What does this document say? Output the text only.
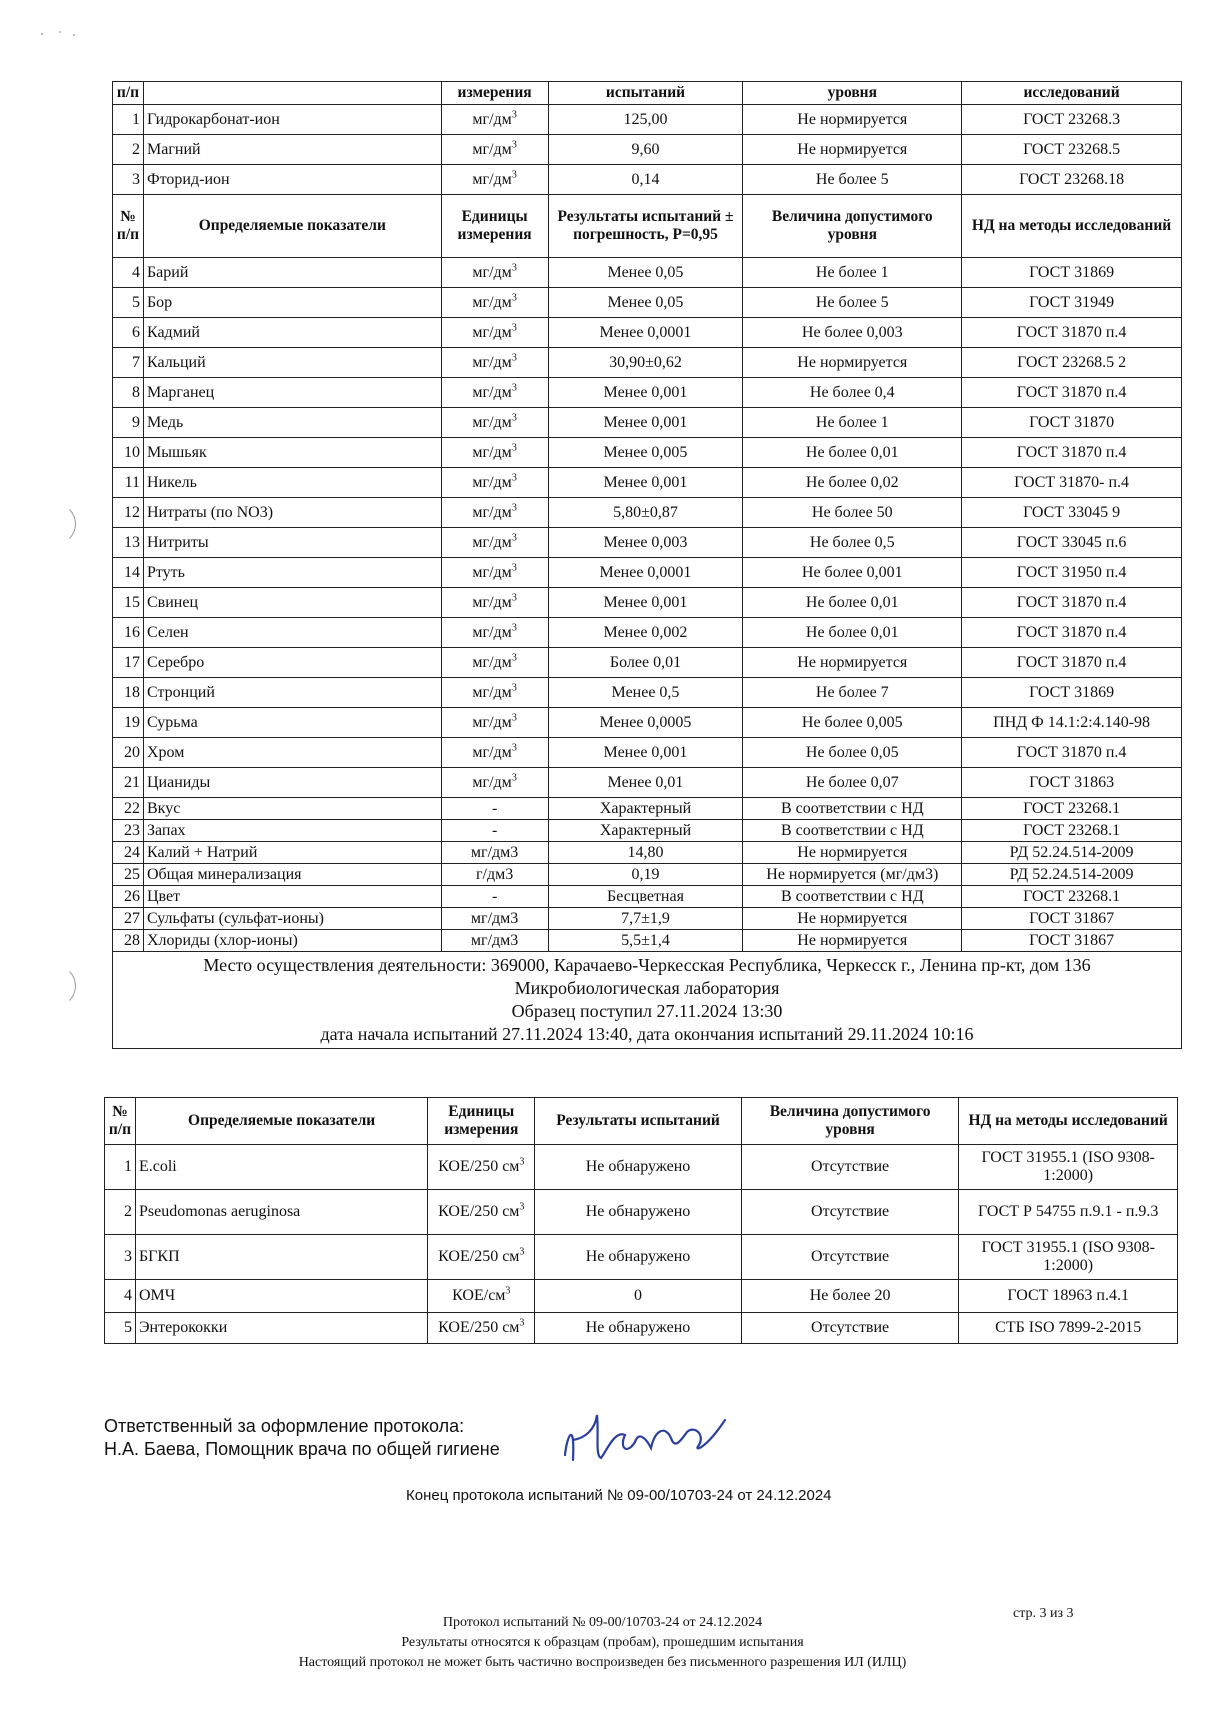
п/п		измерения	испытаний	уровня	исследований
1	Гидрокарбонат-ион	$мг/дм^3$	125,00	Не нормируется	ГОСТ 23268.3
2	Магний	$мг/дм^3$	9,60	Не нормируется	ГОСТ 23268.5
3	Фторид-ион	$мг/дм^3$	0,14	Не более 5	ГОСТ 23268.18
№ п/п	Определяемые показатели	Единицы измерения	Результаты испытаний ± погрешность, P=0,95	Величина допустимого уровня	НД на методы исследований
4	Барий	$мг/дм^3$	Менее 0,05	Не более 1	ГОСТ 31869
5	Бор	$мг/дм^3$	Менее 0,05	Не более 5	ГОСТ 31949
6	Кадмий	$мг/дм^3$	Менее 0,0001	Не более 0,003	ГОСТ 31870 п.4
7	Кальций	$мг/дм^3$	30,90±0,62	Не нормируется	ГОСТ 23268.5 2
8	Марганец	$мг/дм^3$	Менее 0,001	Не более 0,4	ГОСТ 31870 п.4
9	Медь	$мг/дм^3$	Менее 0,001	Не более 1	ГОСТ 31870
10	Мышьяк	$мг/дм^3$	Менее 0,005	Не более 0,01	ГОСТ 31870 п.4
11	Никель	$мг/дм^3$	Менее 0,001	Не более 0,02	ГОСТ 31870- п.4
12	Нитраты (по NO3)	$мг/дм^3$	5,80±0,87	Не более 50	ГОСТ 33045 9
13	Нитриты	$мг/дм^3$	Менее 0,003	Не более 0,5	ГОСТ 33045 п.6
14	Ртуть	$мг/дм^3$	Менее 0,0001	Не более 0,001	ГОСТ 31950 п.4
15	Свинец	$мг/дм^3$	Менее 0,001	Не более 0,01	ГОСТ 31870 п.4
16	Селен	$мг/дм^3$	Менее 0,002	Не более 0,01	ГОСТ 31870 п.4
17	Серебро	$мг/дм^3$	Более 0,01	Не нормируется	ГОСТ 31870 п.4
18	Стронций	$мг/дм^3$	Менее 0,5	Не более 7	ГОСТ 31869
19	Сурьма	$мг/дм^3$	Менее 0,0005	Не более 0,005	ПНД Ф 14.1:2:4.140-98
20	Хром	$мг/дм^3$	Менее 0,001	Не более 0,05	ГОСТ 31870 п.4
21	Цианиды	$мг/дм^3$	Менее 0,01	Не более 0,07	ГОСТ 31863
22	Вкус	-	Характерный	В соответствии с НД	ГОСТ 23268.1
23	Запах	-	Характерный	В соответствии с НД	ГОСТ 23268.1
24	Калий + Натрий	мг/дм3	14,80	Не нормируется	РД 52.24.514-2009
25	Общая минерализация	г/дм3	0,19	Не нормируется (мг/дм3)	РД 52.24.514-2009
26	Цвет	-	Бесцветная	В соответствии с НД	ГОСТ 23268.1
27	Сульфаты (сульфат-ионы)	мг/дм3	7,7±1,9	Не нормируется	ГОСТ 31867
28	Хлориды (хлор-ионы)	мг/дм3	5,5±1,4	Не нормируется	ГОСТ 31867

Место осуществления деятельности: 369000, Карачаево-Черкесская Республика, Черкесск г., Ленина пр-кт, дом 136
Микробиологическая лаборатория
Образец поступил 27.11.2024 13:30
дата начала испытаний 27.11.2024 13:40, дата окончания испытаний 29.11.2024 10:16					
№ п/п	Определяемые показатели	Единицы измерения	Результаты испытаний	Величина допустимого уровня	НД на методы исследований
1	E.coli	КОЕ/250 $см^3$	Не обнаружено	Отсутствие	ГОСТ 31955.1 (ISO 9308-1:2000)
2	Pseudomonas aeruginosa	КОЕ/250 $см^3$	Не обнаружено	Отсутствие	ГОСТ Р 54755 п.9.1 - п.9.3
3	БГКП	КОЕ/250 $см^3$	Не обнаружено	Отсутствие	ГОСТ 31955.1 (ISO 9308-1:2000)
4	ОМЧ	КОЕ/$см^3$	0	Не более 20	ГОСТ 18963 п.4.1
5	Энтерококки	КОЕ/250 $см^3$	Не обнаружено	Отсутствие	СТБ ISO 7899-2-2015
Ответственный за оформление протокола:
Н.А. Баева, Помощник врача по общей гигиене
Конец протокола испытаний № 09-00/10703-24 от 24.12.2024
стр. 3 из 3
Протокол испытаний № 09-00/10703-24 от 24.12.2024
Результаты относятся к образцам (пробам), прошедшим испытания
Настоящий протокол не может быть частично воспроизведен без письменного разрешения ИЛ (ИЛЦ)
